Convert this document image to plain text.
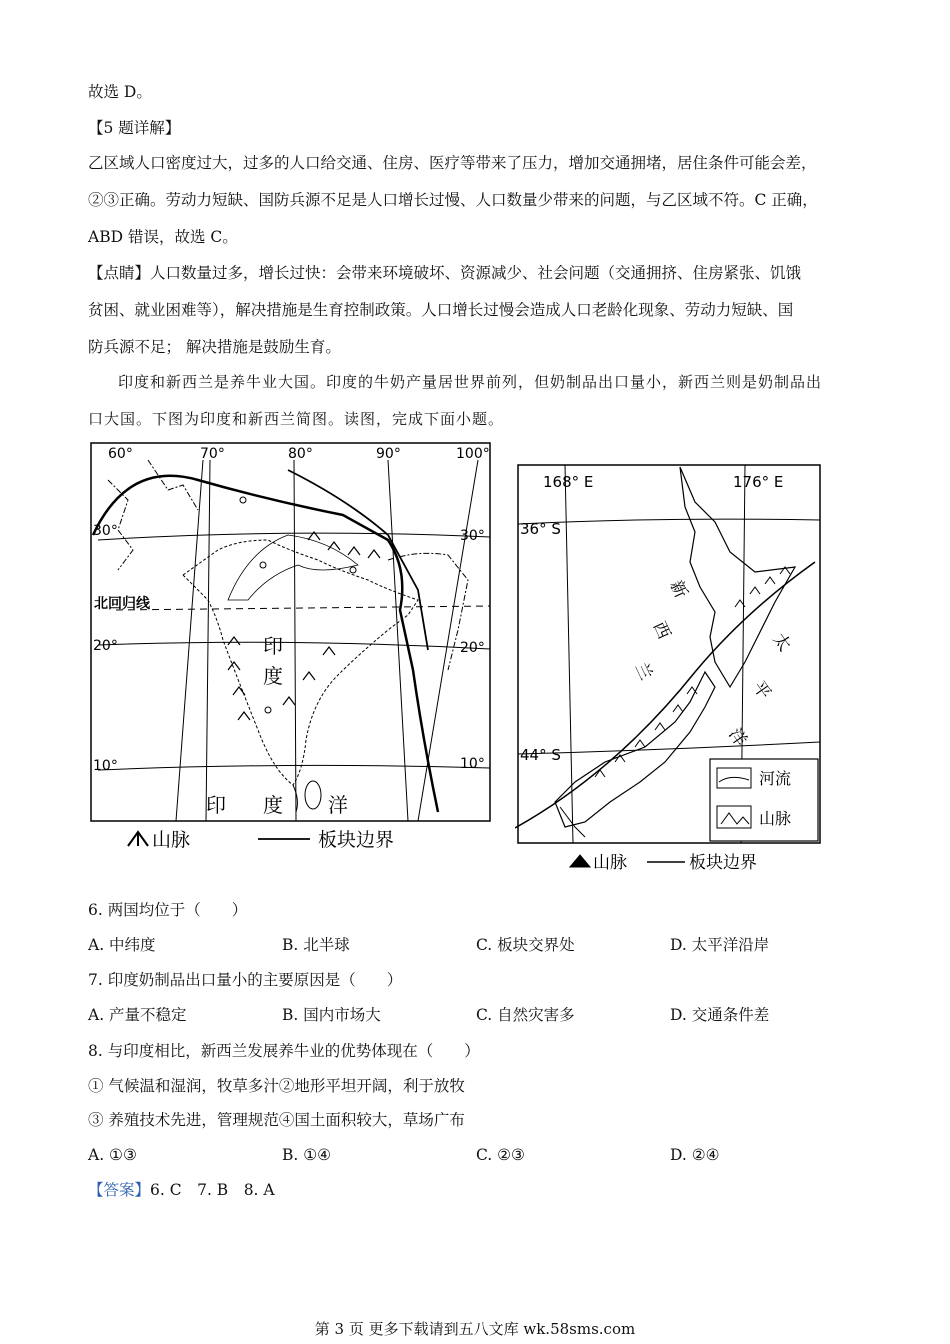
故选 D。
【5 题详解】
乙区域人口密度过大，过多的人口给交通、住房、医疗等带来了压力，增加交通拥堵，居住条件可能会差，
②③正确。劳动力短缺、国防兵源不足是人口增长过慢、人口数量少带来的问题，与乙区域不符。C 正确，
ABD 错误，故选 C。
【点睛】人口数量过多，增长过快：会带来环境破坏、资源减少、社会问题（交通拥挤、住房紧张、饥饿
贫困、就业困难等），解决措施是生育控制政策。人口增长过慢会造成人口老龄化现象、劳动力短缺、国
防兵源不足； 解决措施是鼓励生育。
印度和新西兰是养牛业大国。印度的牛奶产量居世界前列，但奶制品出口量小，新西兰则是奶制品出
口大国。下图为印度和新西兰简图。读图，完成下面小题。
60°	70°	80°	90°	100°
30°
20°
10°
30°
20°
10°
北回归线
印
度
印 度 洋
山脉	板块边界
168° E	176° E
36° S
44° S
新
西
兰
太
平
洋
河流
山脉
山脉	板块边界
6. 两国均位于（　　）
A. 中纬度	B. 北半球	C. 板块交界处	D. 太平洋沿岸
7. 印度奶制品出口量小的主要原因是（　　）
A. 产量不稳定	B. 国内市场大	C. 自然灾害多	D. 交通条件差
8. 与印度相比，新西兰发展养牛业的优势体现在（　　）
① 气候温和湿润，牧草多汁②地形平坦开阔，利于放牧
③ 养殖技术先进，管理规范④国土面积较大，草场广布
A. ①③	B. ①④	C. ②③	D. ②④
【答案】6. C　7. B　8. A
第 3 页 更多下载请到五八文库 wk.58sms.com
